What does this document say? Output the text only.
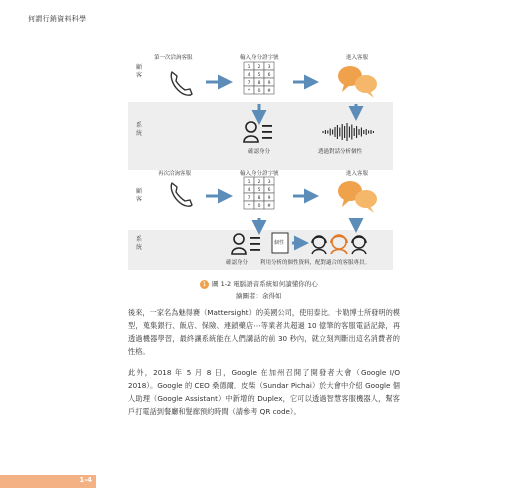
何謂行銷資料科學
顧客
系統
顧客
系統
第一次洽詢客服	輸入身分證字號	進入客服
確認身分	透過對話分析個性
再次洽詢客服	輸入身分證字號	進入客服
確認身分 利用分析的個性資料，配對適合的客服專員。
1 2 3
4 5 6
7 8 9
* 0 #
1 2 3
4 5 6
7 8 9
* 0 #
個性
1 圖 1-2 電腦語音系統如何讀懂你的心
繪圖者：余得如
後來，一家名為魅得賽（Mattersight）的美國公司，使用泰比．卡勒博士所發明的模型，蒐集銀行、飯店、保險、連鎖藥店⋯等業者共超過 10 億筆的客服電話記錄，再透過機器學習，最終讓系統能在人們講話的前 30 秒內，就立刻判斷出這名消費者的性格。
此外，2018 年 5 月 8 日，Google 在加州召開了開發者大會（Google I/O 2018）。Google 的 CEO 桑德爾．皮柴（Sundar Pichai）於大會中介紹 Google 個人助理（Google Assistant）中新增的 Duplex，它可以透過智慧客服機器人，幫客戶打電話到餐廳和髮廊預約時間（請參考 QR code）。
1-4
